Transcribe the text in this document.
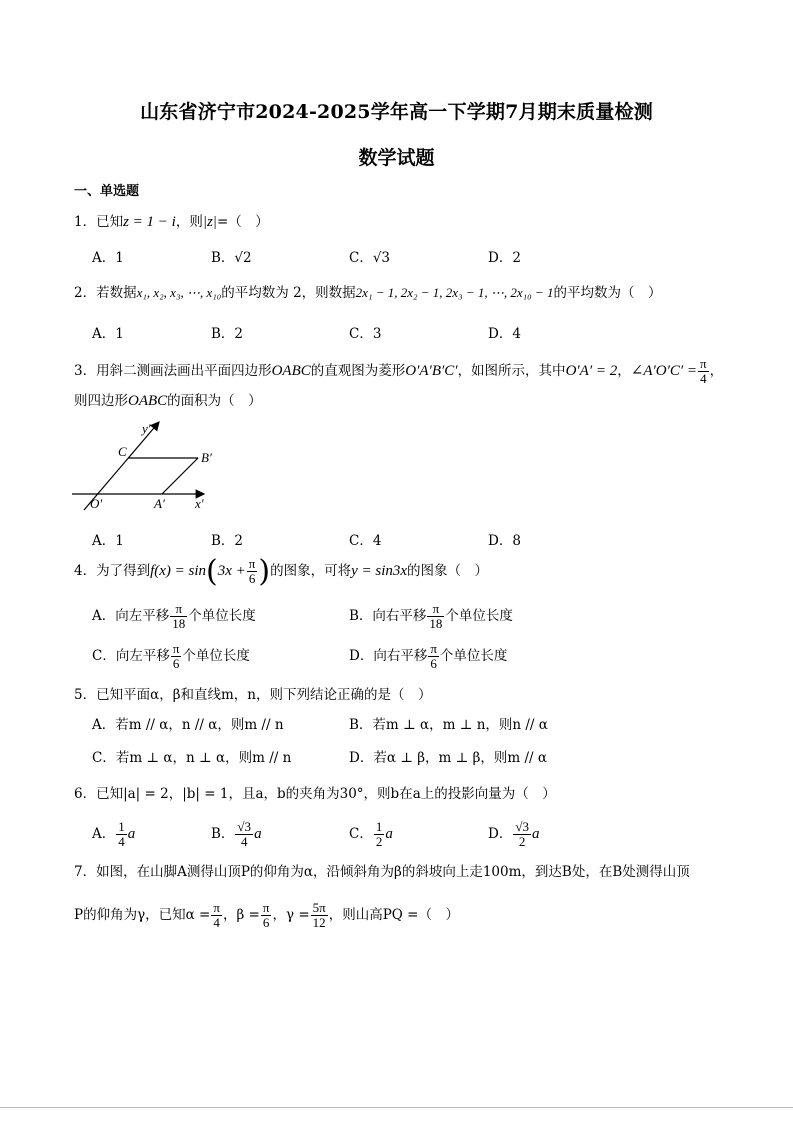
山东省济宁市2024-2025学年高一下学期7月期末质量检测
数学试题
一、单选题
1．已知z = 1 − i，则|z|=（　）
A．1	B．√2	C．√3	D．2
2．若数据x₁, x₂, x₃, ⋯, x₁₀的平均数为 2，则数据2x₁ − 1, 2x₂ − 1, 2x₃ − 1, ⋯, 2x₁₀ − 1的平均数为（　）
A．1	B．2	C．3	D．4
3．用斜二测画法画出平面四边形OABC的直观图为菱形O′A′B′C′，如图所示，其中O′A′ = 2，∠A′O′C′ = $\frac{\pi}{4}$ ，
则四边形OABC的面积为（　）
y′
C	B′
O′	A′ x′
A．1	B．2	C．4	D．8
4．为了得到$f(x) = \sin(3x + \frac{\pi}{6}$ )的图象，可将y = sin3x的图象（　）
A．向左平移 $\frac{\pi}{18}$ 个单位长度	B．向右平移 $\frac{\pi}{18}$ 个单位长度
C．向左平移 $\frac{\pi}{6}$ 个单位长度	D．向右平移 $\frac{\pi}{6}$ 个单位长度
5．已知平面α，β和直线m，n，则下列结论正确的是（　）
A．若m // α，n // α，则m // n	B．若m ⊥ α，m ⊥ n，则n // α
C．若m ⊥ α，n ⊥ α，则m // n	D．若α ⊥ β，m ⊥ β，则m // α
6．已知|a| = 2，|b| = 1，且a，b的夹角为30°，则b在a上的投影向量为（　）
A． $\frac{1}{4}$ a	B． $\frac{√3}{4}$ a	C． $\frac{1}{2}$ a	D． $\frac{√3}{2}$ a
7．如图，在山脚A测得山顶P的仰角为α，沿倾斜角为β的斜坡向上走100m，到达B处，在B处测得山顶
P的仰角为γ，已知$\alpha = \frac{\pi}{4}$ ，$\beta = \frac{\pi}{6}$ ，$\gamma = \frac{5\pi}{12}$ ，则山高PQ =（　）
